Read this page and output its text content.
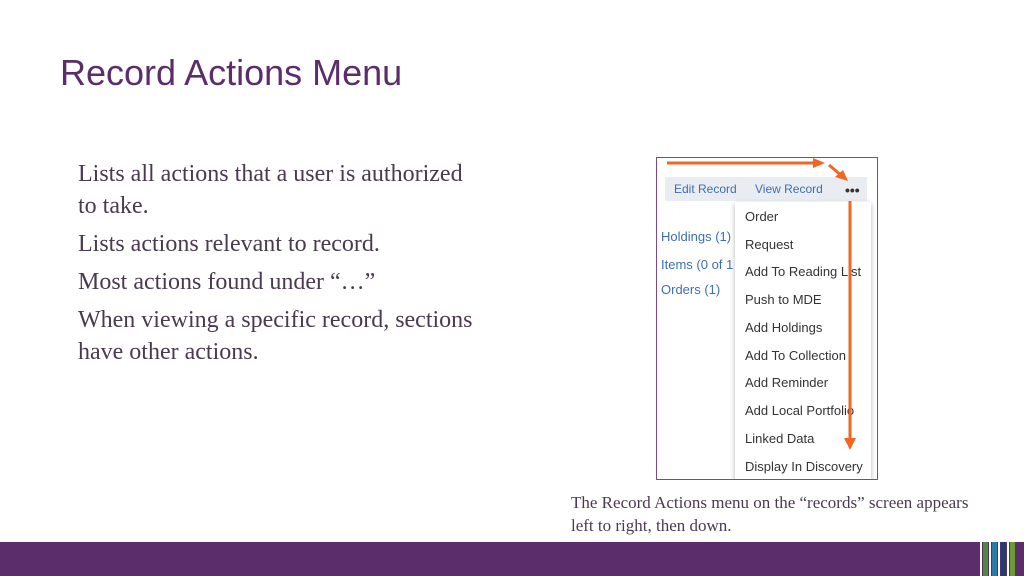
Record Actions Menu
Lists all actions that a user is authorized to take.
Lists actions relevant to record.
Most actions found under “…”
When viewing a specific record, sections have other actions.
Edit Record View Record •••
Holdings (1)
Items (0 of 1
Orders (1)
Order
Request
Add To Reading List
Push to MDE
Add Holdings
Add To Collection
Add Reminder
Add Local Portfolio
Linked Data
Display In Discovery
The Record Actions menu on the “records” screen appears left to right, then down.
